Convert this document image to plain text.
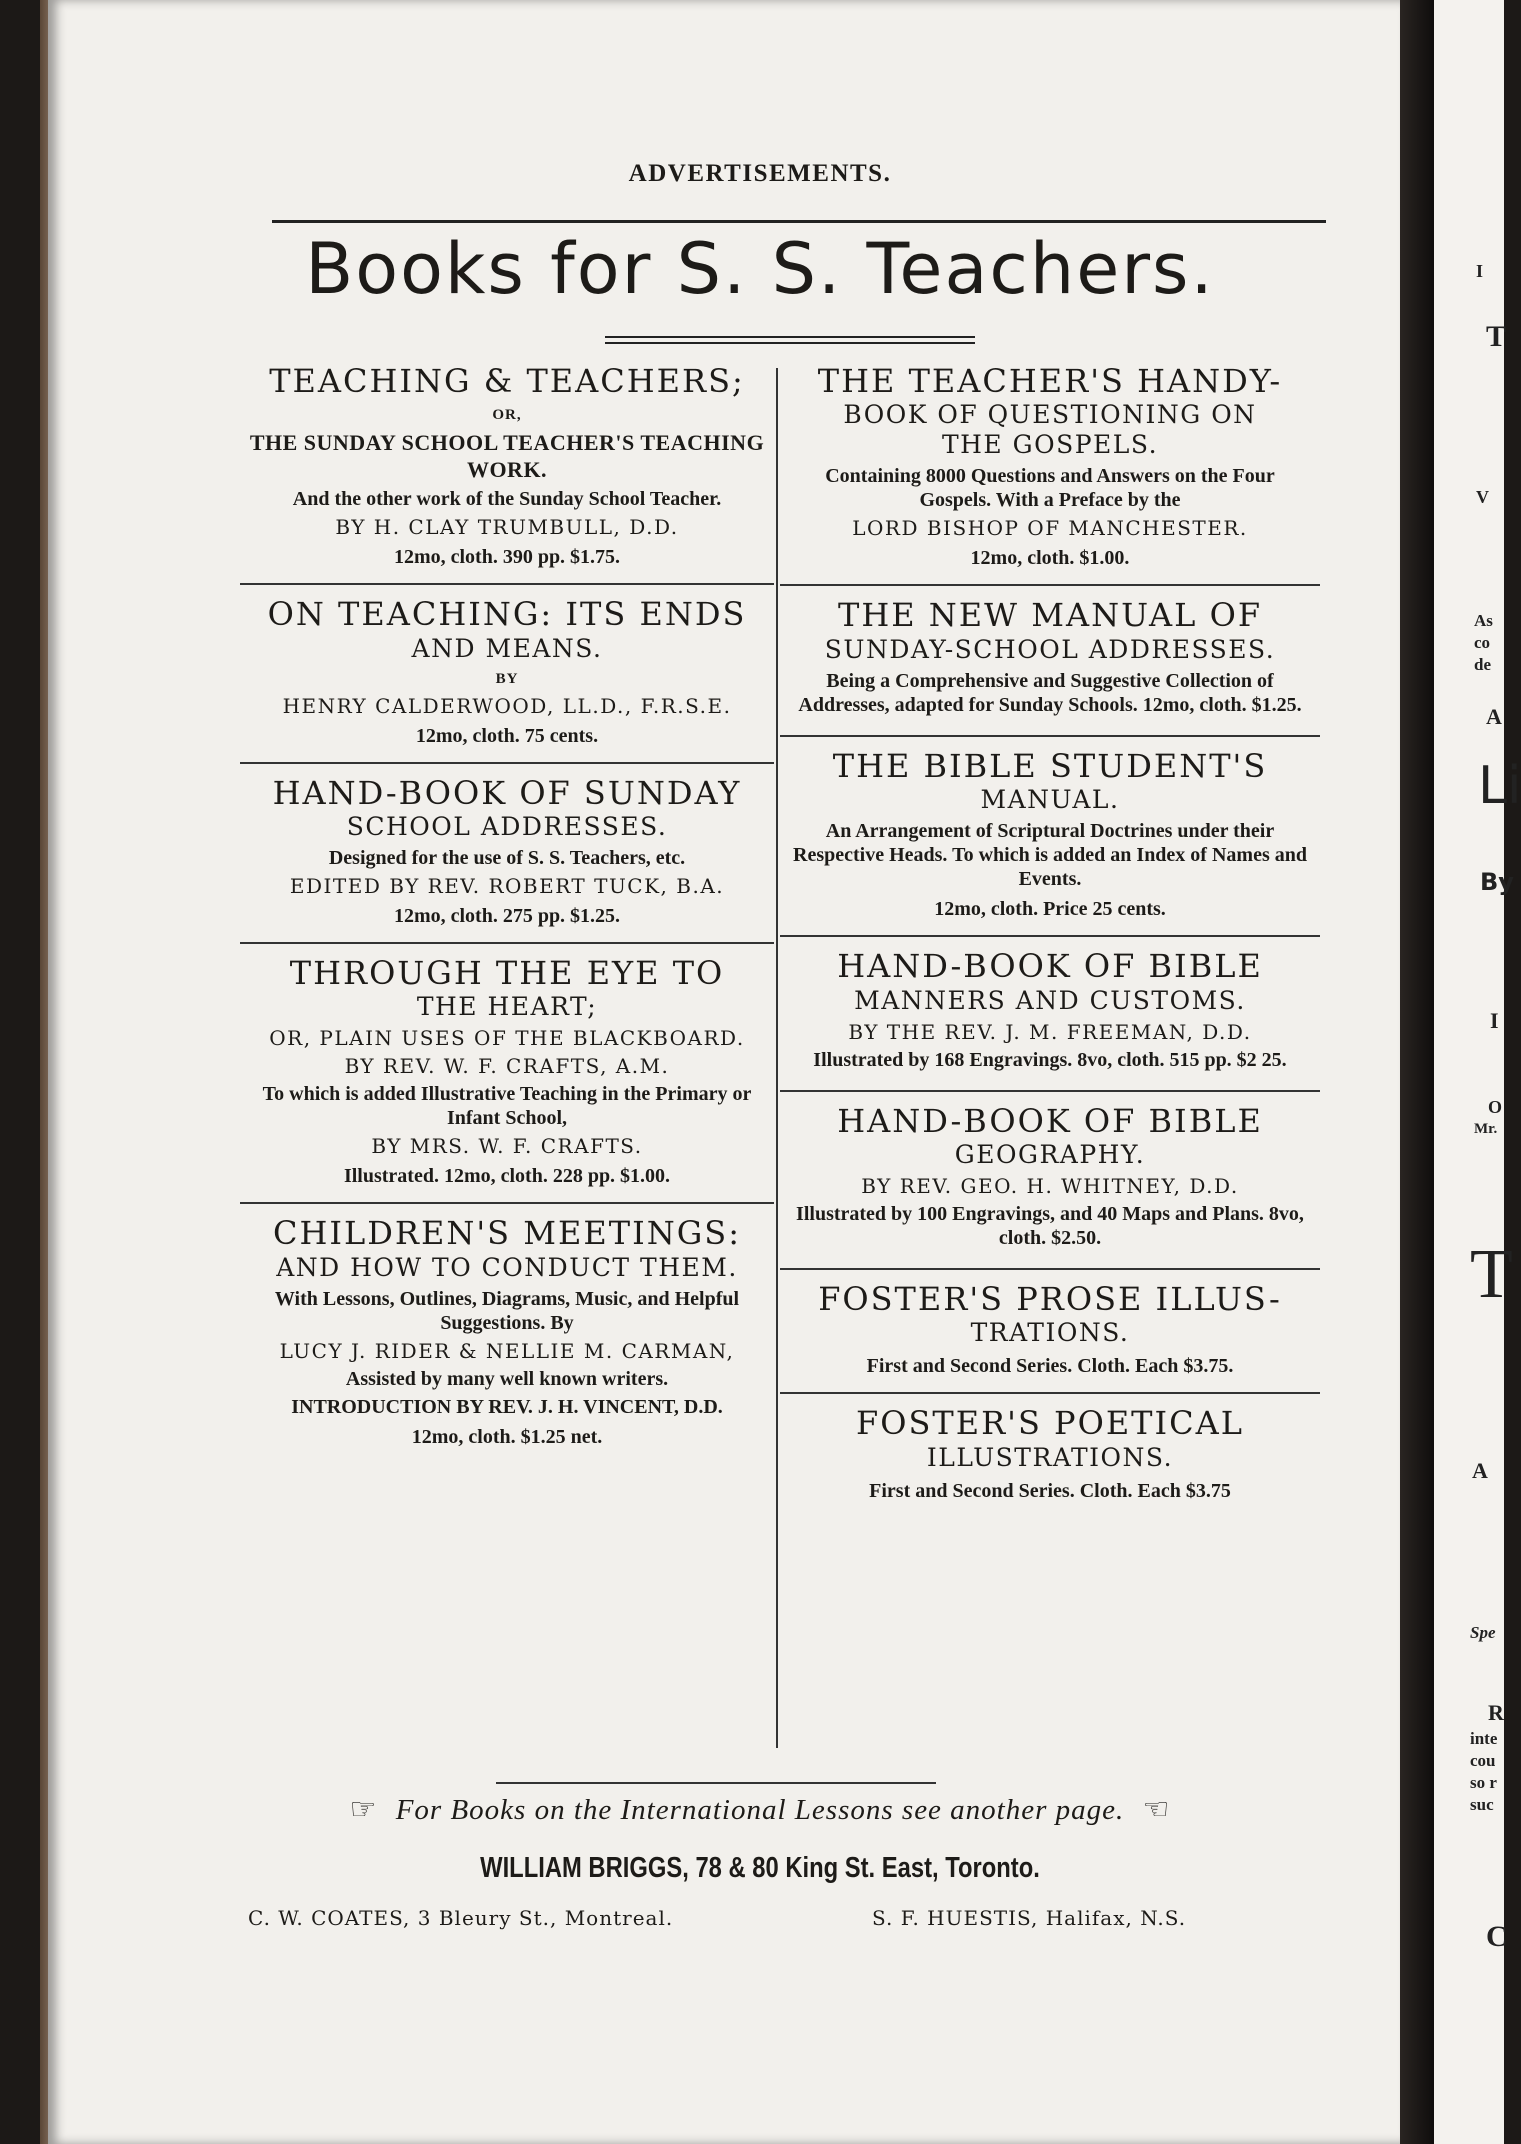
I
T
V
As
co
de
A
Li
By
I
O
Mr.
T
A
Spe
R
inte
cou
so r
suc
C
ADVERTISEMENTS.
Books for S. S. Teachers.
TEACHING & TEACHERS;
OR,
THE SUNDAY SCHOOL TEACHER'S TEACHING WORK.
And the other work of the Sunday School Teacher.
BY H. CLAY TRUMBULL, D.D.
12mo, cloth. 390 pp. $1.75.
ON TEACHING: ITS ENDS
AND MEANS.
BY
HENRY CALDERWOOD, LL.D., F.R.S.E.
12mo, cloth. 75 cents.
HAND-BOOK OF SUNDAY
SCHOOL ADDRESSES.
Designed for the use of S. S. Teachers, etc.
EDITED BY REV. ROBERT TUCK, B.A.
12mo, cloth. 275 pp. $1.25.
THROUGH THE EYE TO
THE HEART;
OR, PLAIN USES OF THE BLACKBOARD.
BY REV. W. F. CRAFTS, A.M.
To which is added Illustrative Teaching in the Primary or Infant School,
BY MRS. W. F. CRAFTS.
Illustrated. 12mo, cloth. 228 pp. $1.00.
CHILDREN'S MEETINGS:
AND HOW TO CONDUCT THEM.
With Lessons, Outlines, Diagrams, Music, and Helpful Suggestions. By
LUCY J. RIDER & NELLIE M. CARMAN,
Assisted by many well known writers.
INTRODUCTION BY REV. J. H. VINCENT, D.D.
12mo, cloth. $1.25 net.
THE TEACHER'S HANDY-
BOOK OF QUESTIONING ON
THE GOSPELS.
Containing 8000 Questions and Answers on the Four Gospels. With a Preface by the
LORD BISHOP OF MANCHESTER.
12mo, cloth. $1.00.
THE NEW MANUAL OF
SUNDAY-SCHOOL ADDRESSES.
Being a Comprehensive and Suggestive Collection of Addresses, adapted for Sunday Schools. 12mo, cloth. $1.25.
THE BIBLE STUDENT'S
MANUAL.
An Arrangement of Scriptural Doctrines under their Respective Heads. To which is added an Index of Names and Events.
12mo, cloth. Price 25 cents.
HAND-BOOK OF BIBLE
MANNERS AND CUSTOMS.
BY THE REV. J. M. FREEMAN, D.D.
Illustrated by 168 Engravings. 8vo, cloth. 515 pp. $2 25.
HAND-BOOK OF BIBLE
GEOGRAPHY.
BY REV. GEO. H. WHITNEY, D.D.
Illustrated by 100 Engravings, and 40 Maps and Plans. 8vo, cloth. $2.50.
FOSTER'S PROSE ILLUS-
TRATIONS.
First and Second Series. Cloth. Each $3.75.
FOSTER'S POETICAL
ILLUSTRATIONS.
First and Second Series. Cloth. Each $3.75
☞ For Books on the International Lessons see another page. ☜
WILLIAM BRIGGS, 78 & 80 King St. East, Toronto.
C. W. COATES, 3 Bleury St., Montreal.	S. F. HUESTIS, Halifax, N.S.
